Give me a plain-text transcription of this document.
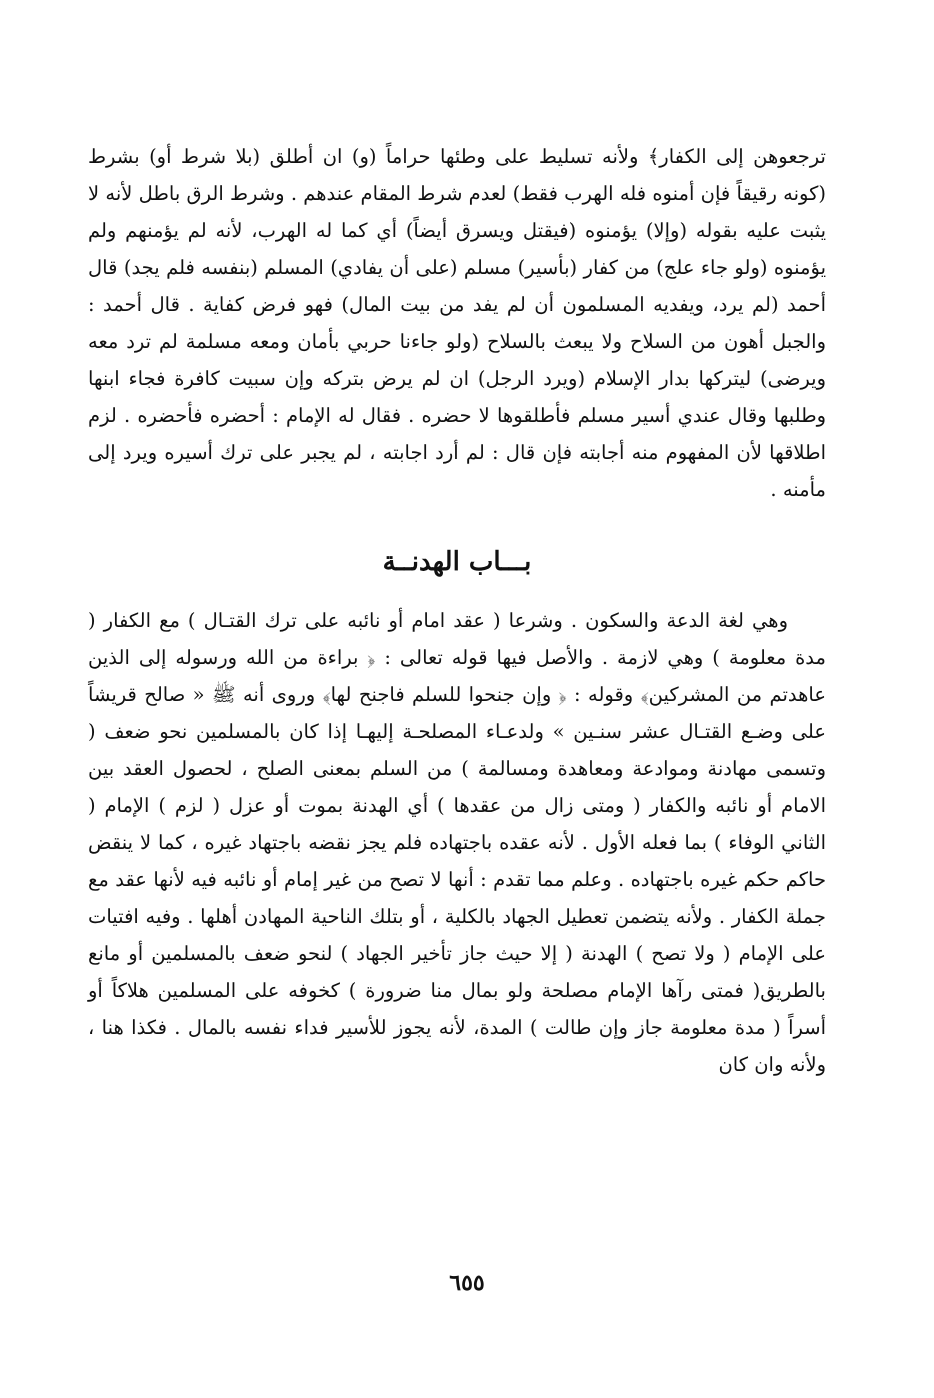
ترجعوهن إلى الكفار﴾ ولأنه تسليط على وطئها حراماً (و) ان أطلق (بلا شرط أو) بشرط (كونه رقيقاً فإن أمنوه فله الهرب فقط) لعدم شرط المقام عندهم . وشرط الرق باطل لأنه لا يثبت عليه بقوله (وإلا) يؤمنوه (فيقتل ويسرق أيضاً) أي كما له الهرب، لأنه لم يؤمنهم ولم يؤمنوه (ولو جاء علج) من كفار (بأسير) مسلم (على أن يفادي) المسلم (بنفسه فلم يجد) قال أحمد (لم يرد، ويفديه المسلمون أن لم يفد من بيت المال) فهو فرض كفاية . قال أحمد : والجبل أهون من السلاح ولا يبعث بالسلاح (ولو جاءنا حربي بأمان ومعه مسلمة لم ترد معه ويرضى) ليتركها بدار الإسلام (ويرد الرجل) ان لم يرض بتركه وإن سبيت كافرة فجاء ابنها وطلبها وقال عندي أسير مسلم فأطلقوها لا حضره . فقال له الإمام : أحضره فأحضره . لزم اطلاقها لأن المفهوم منه أجابته فإن قال : لم أرد اجابته ، لم يجبر على ترك أسيره ويرد إلى مأمنه .

بـــاب الهدنــة

وهي لغة الدعة والسكون . وشرعا ( عقد امام أو نائبه على ترك القتـال ) مع الكفار ( مدة معلومة ) وهي لازمة . والأصل فيها قوله تعالى : ﴿ براءة من الله ورسوله إلى الذين عاهدتم من المشركين﴾ وقوله : ﴿ وإن جنحوا للسلم فاجنح لها﴾ وروى أنه ﷺ « صالح قريشاً على وضـع القتـال عشر سنـين » ولدعـاء المصلحـة إليهـا إذا كان بالمسلمين نحو ضعف ( وتسمى مهادنة وموادعة ومعاهدة ومسالمة ) من السلم بمعنى الصلح ، لحصول العقد بين الامام أو نائبه والكفار ( ومتى زال من عقدها ) أي الهدنة بموت أو عزل ( لزم ) الإمام ( الثاني الوفاء ) بما فعله الأول . لأنه عقده باجتهاده فلم يجز نقضه باجتهاد غيره ، كما لا ينقض حاكم حكم غيره باجتهاده . وعلم مما تقدم : أنها لا تصح من غير إمام أو نائبه فيه لأنها عقد مع جملة الكفار . ولأنه يتضمن تعطيل الجهاد بالكلية ، أو بتلك الناحية المهادن أهلها . وفيه افتيات على الإمام ( ولا تصح ) الهدنة ( إلا حيث جاز تأخير الجهاد ) لنحو ضعف بالمسلمين أو مانع بالطريق( فمتى رآها الإمام مصلحة ولو بمال منا ضرورة ) كخوفه على المسلمين هلاكاً أو أسراً ( مدة معلومة جاز وإن طالت ) المدة، لأنه يجوز للأسير فداء نفسه بالمال . فكذا هنا ، ولأنه وان كان

٦٥٥
